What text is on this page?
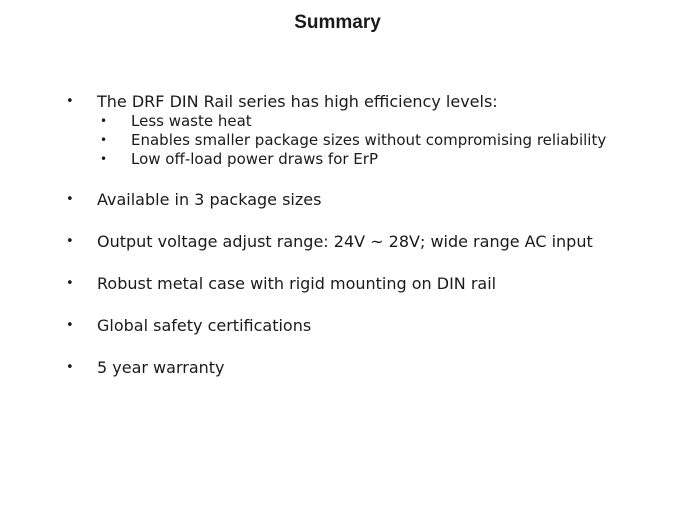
Summary
• The DRF DIN Rail series has high efficiency levels:
• Less waste heat
• Enables smaller package sizes without compromising reliability
• Low off-load power draws for ErP
• Available in 3 package sizes
• Output voltage adjust range: 24V ~ 28V; wide range AC input
• Robust metal case with rigid mounting on DIN rail
• Global safety certifications
• 5 year warranty
